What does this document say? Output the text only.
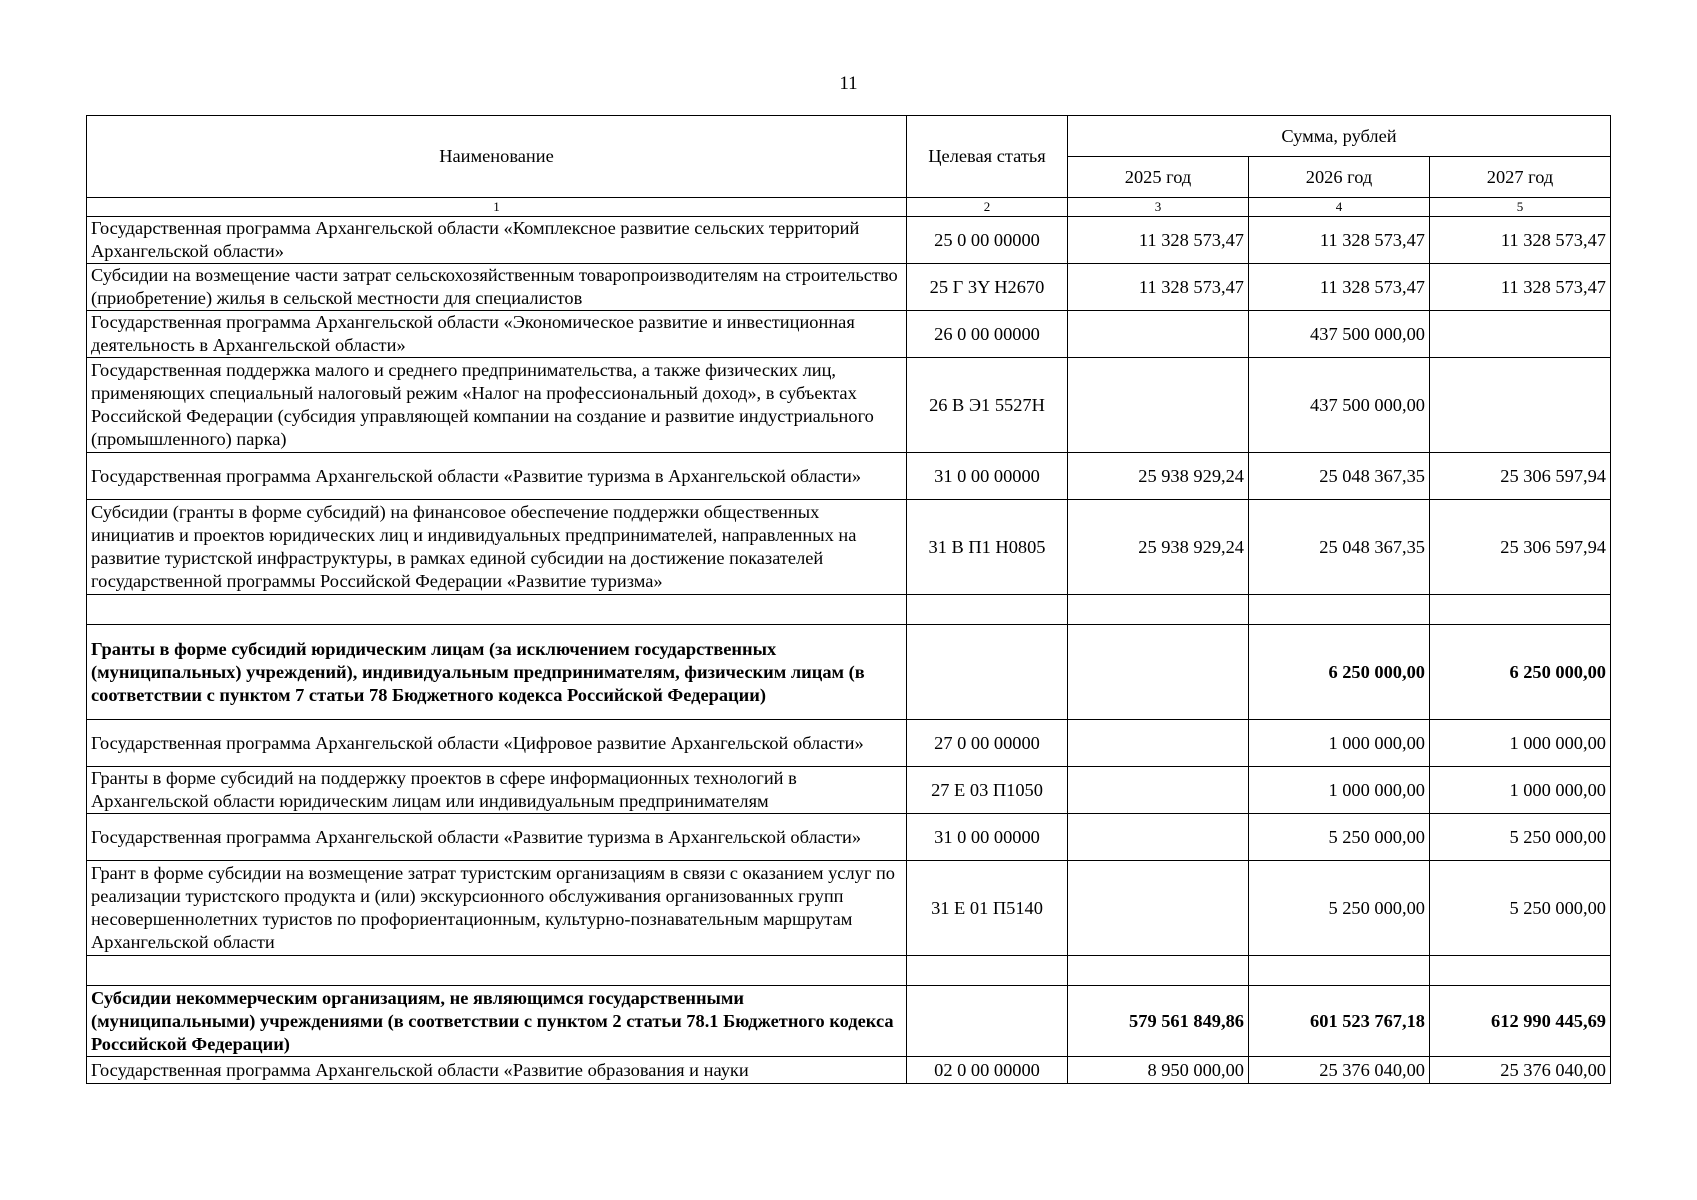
11
Наименование	Целевая статья	Сумма, рублей		
		2025 год	2026 год	2027 год
1	2	3	4	5
Государственная программа Архангельской области «Комплексное развитие сельских территорий Архангельской области»	25 0 00 00000	11 328 573,47	11 328 573,47	11 328 573,47
Субсидии на возмещение части затрат сельскохозяйственным товаропроизводителям на строительство (приобретение) жилья в сельской местности для специалистов	25 Г 3Y Н2670	11 328 573,47	11 328 573,47	11 328 573,47
Государственная программа Архангельской области «Экономическое развитие и инвестиционная деятельность в Архангельской области»	26 0 00 00000		437 500 000,00	
Государственная поддержка малого и среднего предпринимательства, а также физических лиц, применяющих специальный налоговый режим «Налог на профессиональный доход», в субъектах Российской Федерации (субсидия управляющей компании на создание и развитие индустриального (промышленного) парка)	26 В Э1 5527Н		437 500 000,00	
Государственная программа Архангельской области «Развитие туризма в Архангельской области»	31 0 00 00000	25 938 929,24	25 048 367,35	25 306 597,94
Субсидии (гранты в форме субсидий) на финансовое обеспечение поддержки общественных инициатив и проектов юридических лиц и индивидуальных предпринимателей, направленных на развитие туристской инфраструктуры, в рамках единой субсидии на достижение показателей государственной программы Российской Федерации «Развитие туризма»	31 В П1 Н0805	25 938 929,24	25 048 367,35	25 306 597,94

Гранты в форме субсидий юридическим лицам (за исключением государственных (муниципальных) учреждений), индивидуальным предпринимателям, физическим лицам (в соответствии с пунктом 7 статьи 78 Бюджетного кодекса Российской Федерации)			6 250 000,00	6 250 000,00
Государственная программа Архангельской области «Цифровое развитие Архангельской области»	27 0 00 00000		1 000 000,00	1 000 000,00
Гранты в форме субсидий на поддержку проектов в сфере информационных технологий в Архангельской области юридическим лицам или индивидуальным предпринимателям	27 Е 03 П1050		1 000 000,00	1 000 000,00
Государственная программа Архангельской области «Развитие туризма в Архангельской области»	31 0 00 00000		5 250 000,00	5 250 000,00
Грант в форме субсидии на возмещение затрат туристским организациям в связи с оказанием услуг по реализации туристского продукта и (или) экскурсионного обслуживания организованных групп несовершеннолетних туристов по профориентационным, культурно-познавательным маршрутам Архангельской области	31 Е 01 П5140		5 250 000,00	5 250 000,00

Субсидии некоммерческим организациям, не являющимся государственными (муниципальными) учреждениями (в соответствии с пунктом 2 статьи 78.1 Бюджетного кодекса Российской Федерации)		579 561 849,86	601 523 767,18	612 990 445,69
Государственная программа Архангельской области «Развитие образования и науки	02 0 00 00000	8 950 000,00	25 376 040,00	25 376 040,00
